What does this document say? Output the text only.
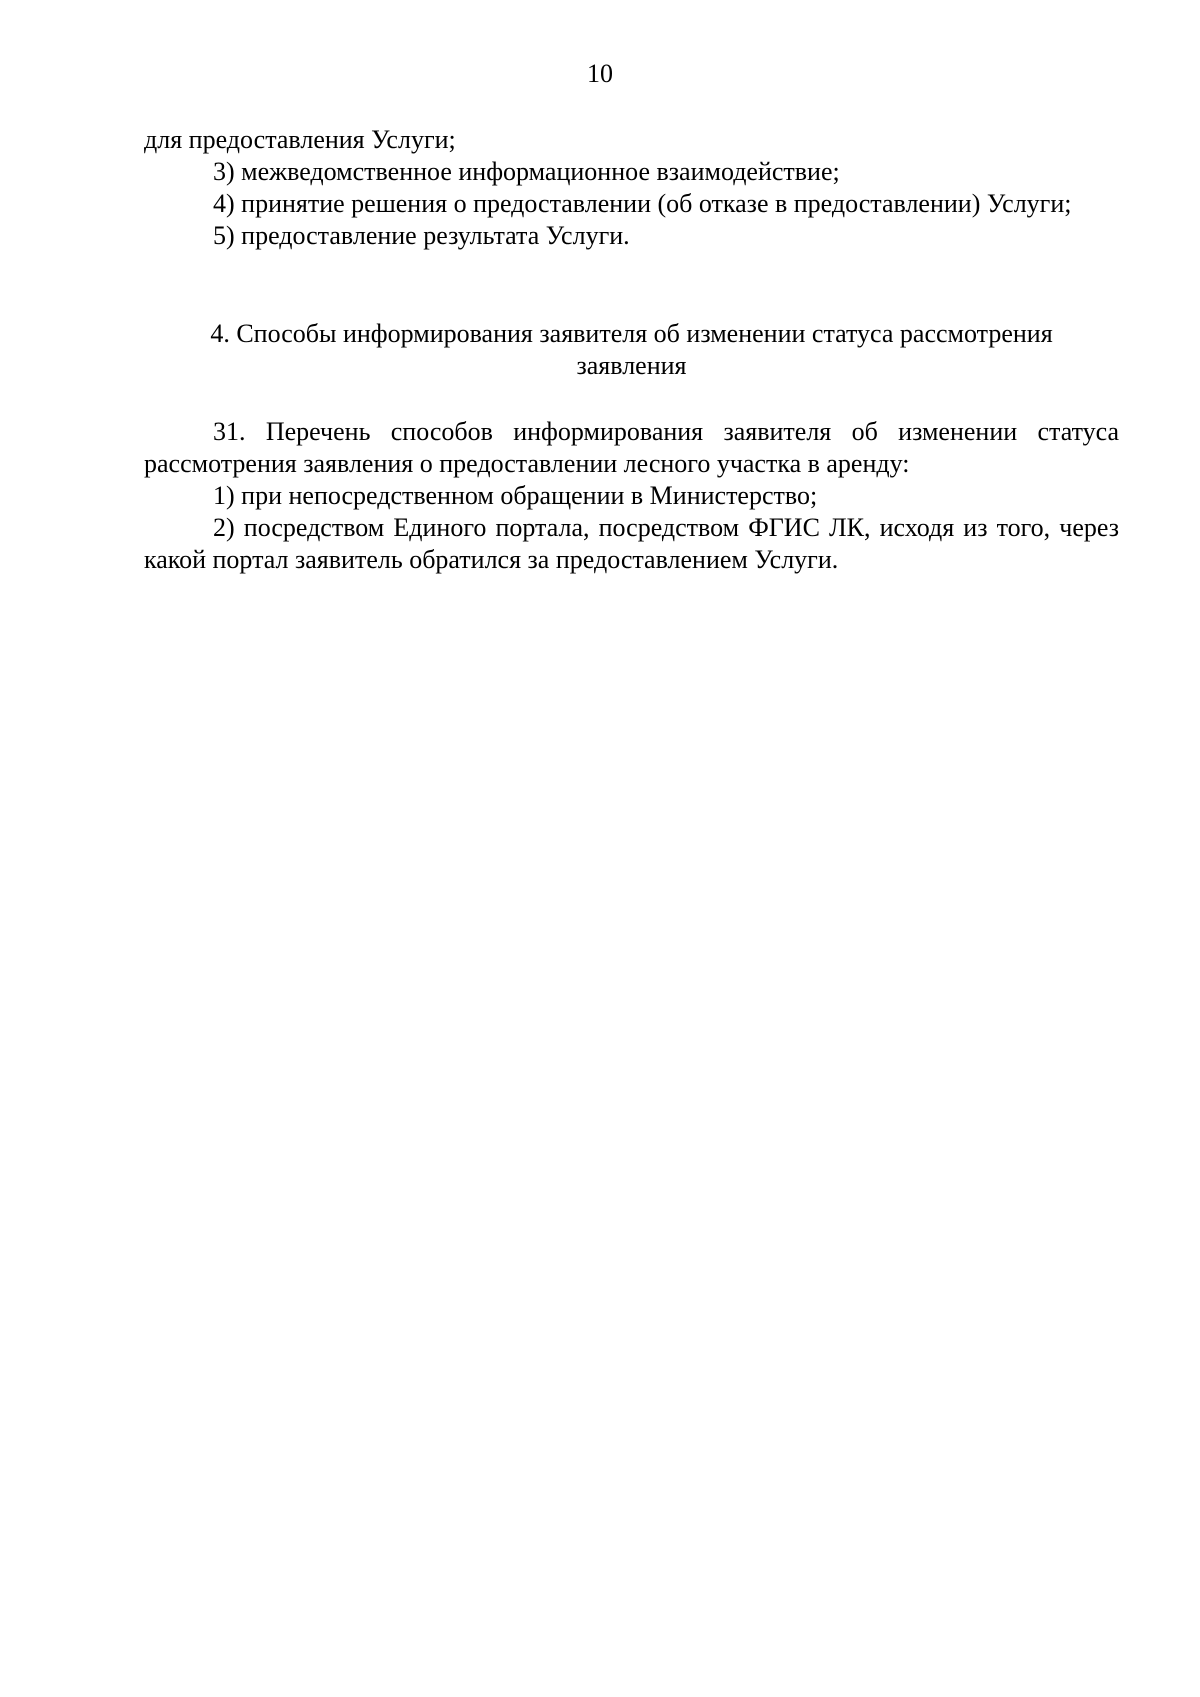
10

для предоставления Услуги;

3) межведомственное информационное взаимодействие;

4) принятие решения о предоставлении (об отказе в предоставлении) Услуги;

5) предоставление результата Услуги.

4. Способы информирования заявителя об изменении статуса рассмотрения

заявления

31. Перечень способов информирования заявителя об изменении статуса рассмотрения заявления о предоставлении лесного участка в аренду:

1) при непосредственном обращении в Министерство;

2) посредством Единого портала, посредством ФГИС ЛК, исходя из того, через какой портал заявитель обратился за предоставлением Услуги.
